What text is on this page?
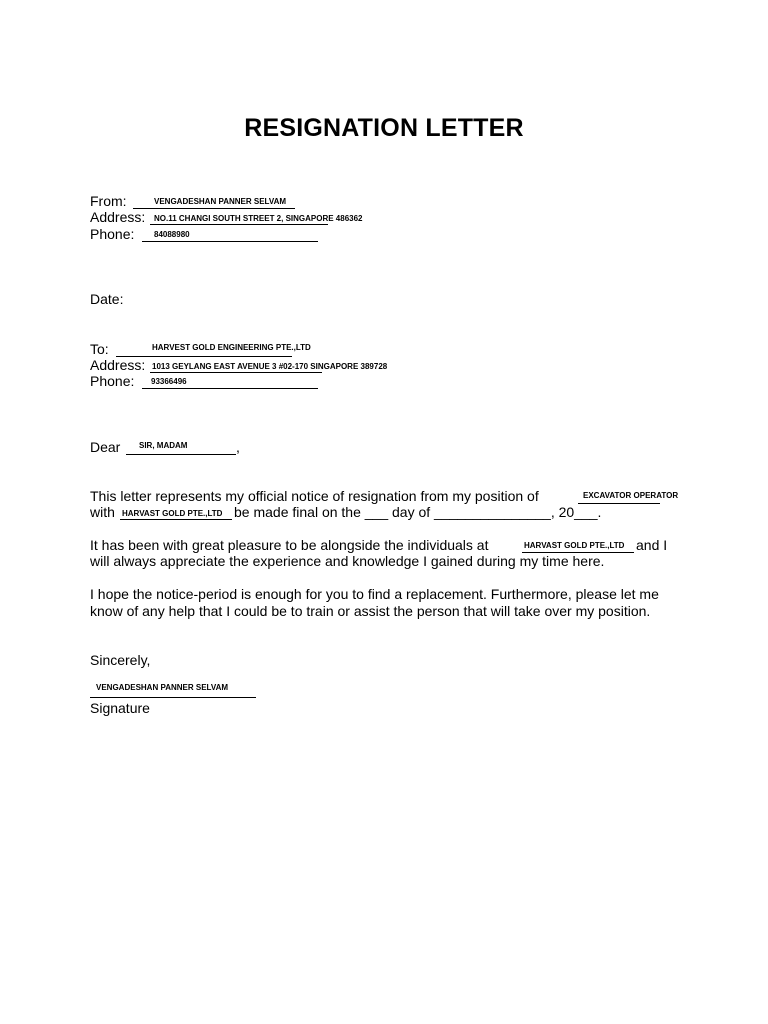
RESIGNATION LETTER
From:	VENGADESHAN PANNER SELVAM
Address: NO.11 CHANGI SOUTH STREET 2, SINGAPORE 486362
Phone: 84088980
Date:
To:	HARVEST GOLD ENGINEERING PTE.,LTD
Address: 1013 GEYLANG EAST AVENUE 3 #02-170 SINGAPORE 389728
Phone: 93366496
Dear SIR, MADAM	,
This letter represents my official notice of resignation from my position of	EXCAVATOR OPERATOR
with HARVAST GOLD PTE.,LTD be made final on the ___ day of _______________, 20___.
It has been with great pleasure to be alongside the individuals at	HARVAST GOLD PTE.,LTD and I
will always appreciate the experience and knowledge I gained during my time here.
I hope the notice-period is enough for you to find a replacement. Furthermore, please let me know of any help that I could be to train or assist the person that will take over my position.
Sincerely,
VENGADESHAN PANNER SELVAM
Signature
